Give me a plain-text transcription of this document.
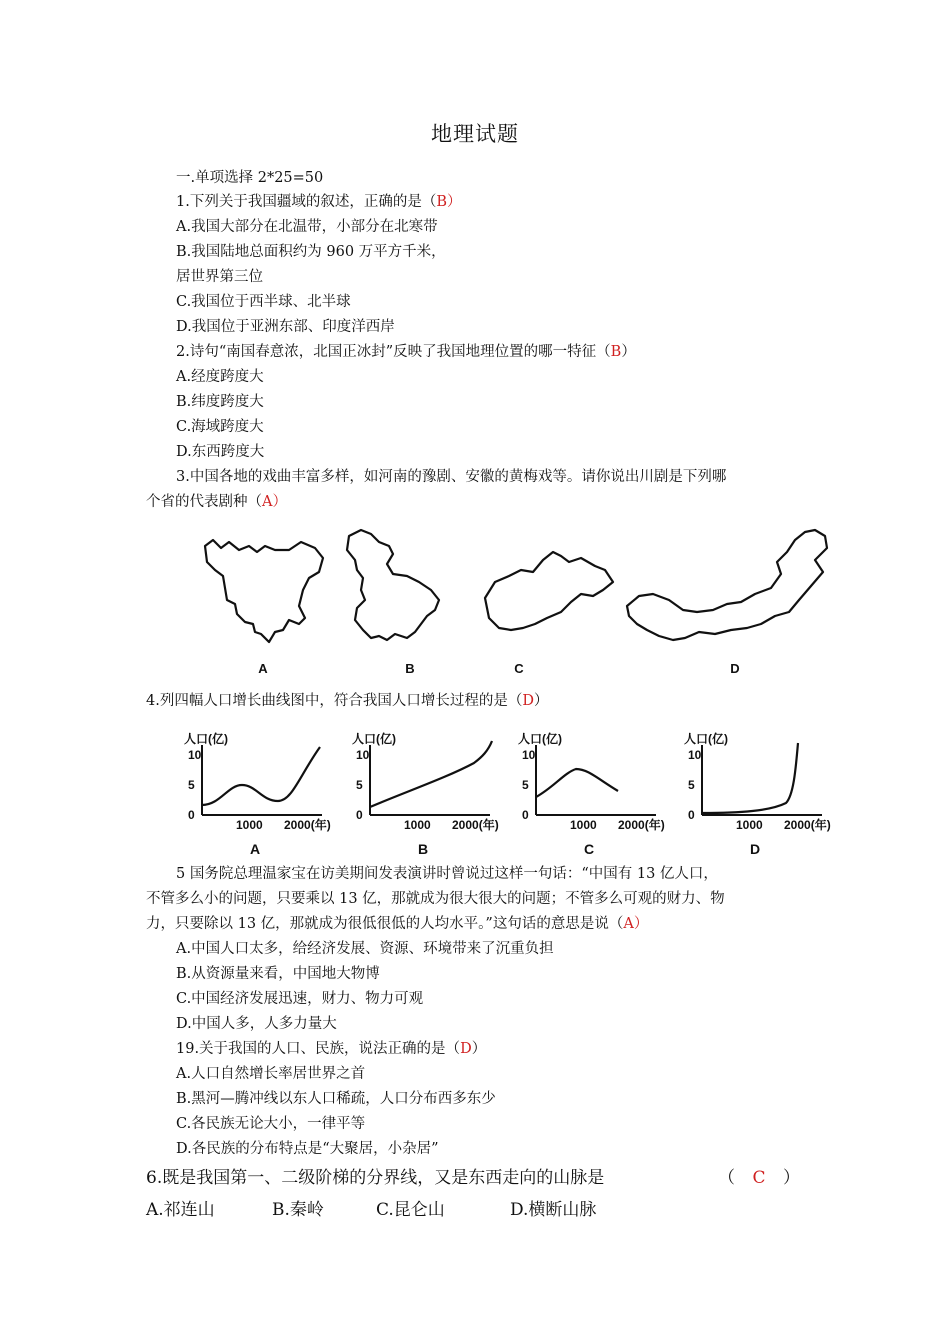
地理试题
一.单项选择 2*25=50
1.下列关于我国疆域的叙述，正确的是（B）
A.我国大部分在北温带，小部分在北寒带
B.我国陆地总面积约为 960 万平方千米，
居世界第三位
C.我国位于西半球、北半球
D.我国位于亚洲东部、印度洋西岸
2.诗句“南国春意浓，北国正冰封”反映了我国地理位置的哪一特征（B）
A.经度跨度大
B.纬度跨度大
C.海域跨度大
D.东西跨度大
3.中国各地的戏曲丰富多样，如河南的豫剧、安徽的黄梅戏等。请你说出川剧是下列哪
个省的代表剧种（A）
A	B	C	D
4.列四幅人口增长曲线图中，符合我国人口增长过程的是（D）
人口(亿)
0
5
10
1000 2000(年)
A
人口(亿)
0
5
10
1000 2000(年)
B
人口(亿)
0
5
10
1000 2000(年)
C
人口(亿)
0
5
10
1000 2000(年)
D
5 国务院总理温家宝在访美期间发表演讲时曾说过这样一句话：“中国有 13 亿人口，
不管多么小的问题，只要乘以 13 亿，那就成为很大很大的问题；不管多么可观的财力、物
力，只要除以 13 亿，那就成为很低很低的人均水平。”这句话的意思是说（A）
A.中国人口太多，给经济发展、资源、环境带来了沉重负担
B.从资源量来看，中国地大物博
C.中国经济发展迅速，财力、物力可观
D.中国人多，人多力量大
19.关于我国的人口、民族，说法正确的是（D）
A.人口自然增长率居世界之首
B.黑河—腾冲线以东人口稀疏，人口分布西多东少
C.各民族无论大小，一律平等
D.各民族的分布特点是“大聚居，小杂居”
6.既是我国第一、二级阶梯的分界线，又是东西走向的山脉是	（ C ）
A.祁连山	B.秦岭	C.昆仑山	D.横断山脉
